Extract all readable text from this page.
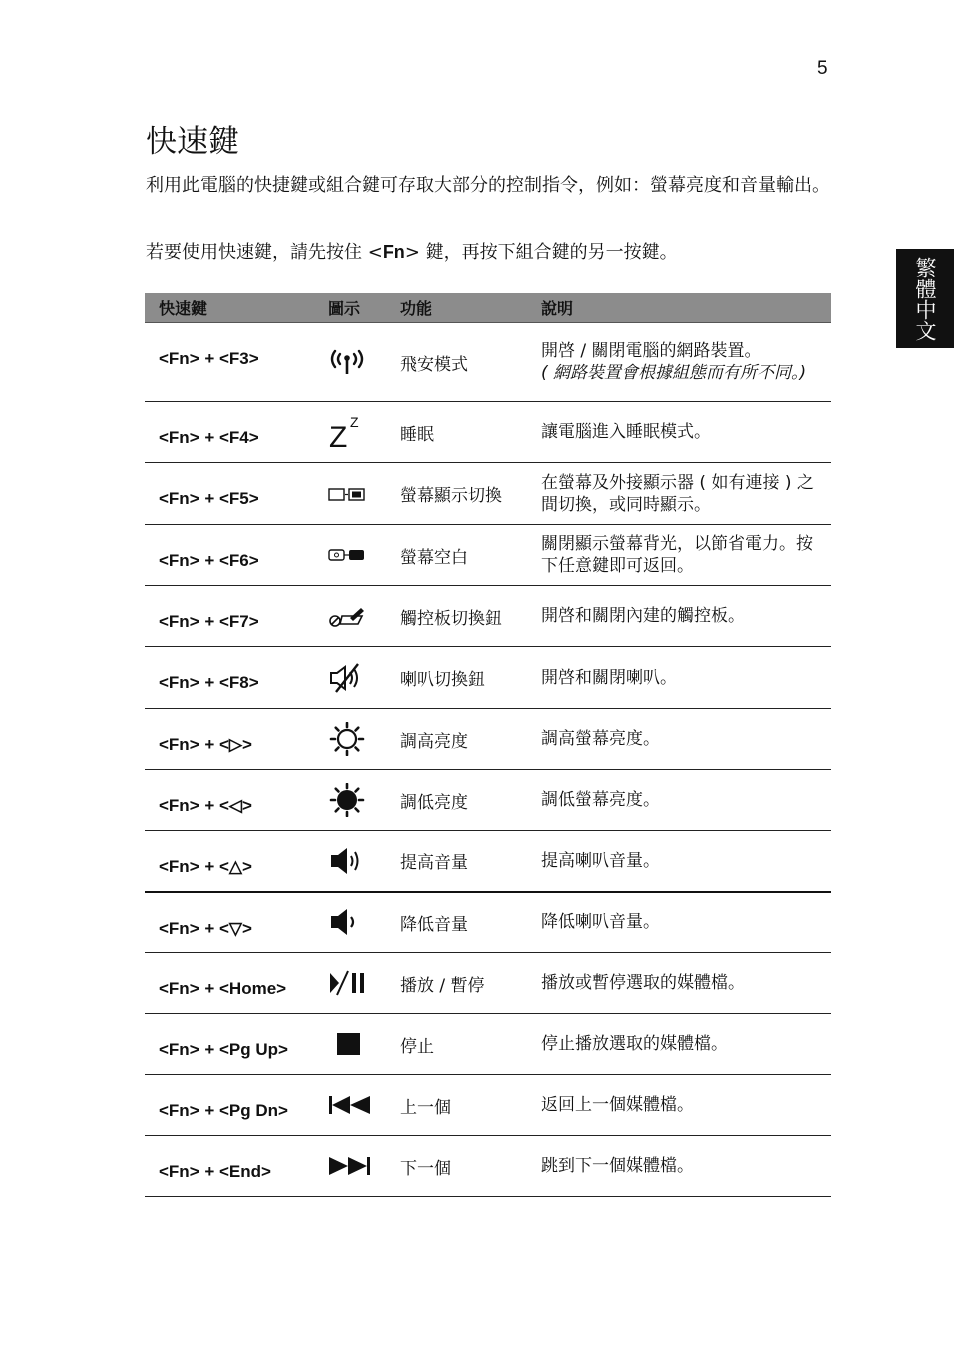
5
繁體中文
快速鍵

利用此電腦的快捷鍵或組合鍵可存取大部分的控制指令，例如：螢幕亮度和音量輸出。

若要使用快速鍵，請先按住 <Fn> 鍵，再按下組合鍵的另一按鍵。

快速鍵	圖示	功能	說明
<Fn> + <F3>		飛安模式	開啓 / 關閉電腦的網路裝置。
( 網路裝置會根據組態而有所不同。)
<Fn> + <F4>	Z Z	睡眠	讓電腦進入睡眠模式。
<Fn> + <F5>		螢幕顯示切換	在螢幕及外接顯示器 ( 如有連接 ) 之間切換，或同時顯示。
<Fn> + <F6>		螢幕空白	關閉顯示螢幕背光，以節省電力。按下任意鍵即可返回。
<Fn> + <F7>		觸控板切換鈕	開啓和關閉內建的觸控板。
<Fn> + <F8>		喇叭切換鈕	開啓和關閉喇叭。
<Fn> + <▷>		調高亮度	調高螢幕亮度。
<Fn> + <◁>		調低亮度	調低螢幕亮度。
<Fn> + <△>		提高音量	提高喇叭音量。
<Fn> + <▽>		降低音量	降低喇叭音量。
<Fn> + <Home>		播放 / 暫停	播放或暫停選取的媒體檔。
<Fn> + <Pg Up>		停止	停止播放選取的媒體檔。
<Fn> + <Pg Dn>		上一個	返回上一個媒體檔。
<Fn> + <End>		下一個	跳到下一個媒體檔。
